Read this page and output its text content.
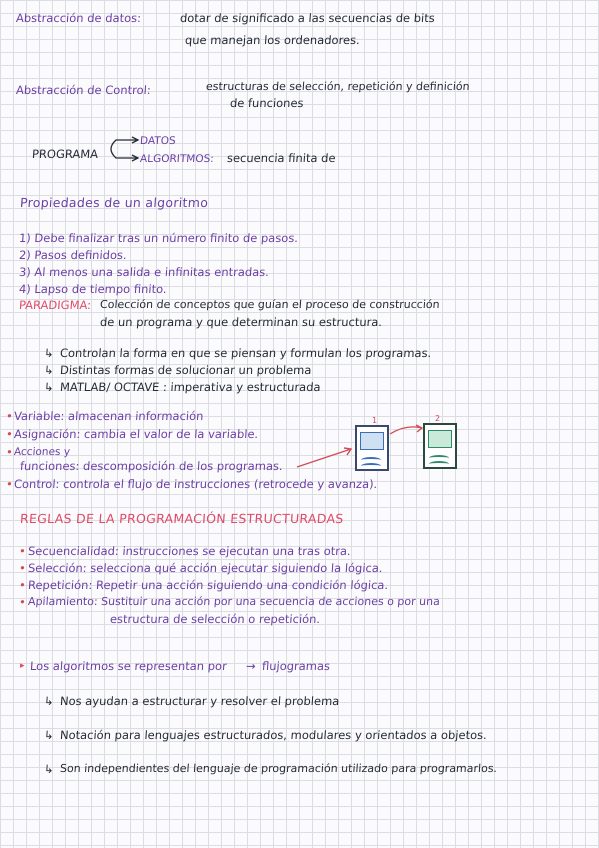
Abstracción de datos:	dotar de significado a las secuencias de bits
que manejan los ordenadores.
Abstracción de Control:	estructuras de selección, repetición y definición
de funciones
PROGRAMA
DATOS
ALGORITMOS: secuencia finita de
Propiedades de un algoritmo
1) Debe finalizar tras un número finito de pasos.
2) Pasos definidos.
3) Al menos una salida e infinitas entradas.
4) Lapso de tiempo finito.
PARADIGMA: Colección de conceptos que guían el proceso de construcción
de un programa y que determinan su estructura.
↳ Controlan la forma en que se piensan y formulan los programas.
↳ Distintas formas de solucionar un problema
↳ MATLAB/ OCTAVE : imperativa y estructurada
• Variable: almacenan información
• Asignación: cambia el valor de la variable.
• Acciones y
funciones: descomposición de los programas.
• Control: controla el flujo de instrucciones (retrocede y avanza).
1	2
REGLAS DE LA PROGRAMACIÓN ESTRUCTURADAS
• Secuencialidad: instrucciones se ejecutan una tras otra.
• Selección: selecciona qué acción ejecutar siguiendo la lógica.
• Repetición: Repetir una acción siguiendo una condición lógica.
• Apilamiento: Sustituir una acción por una secuencia de acciones o por una
estructura de selección o repetición.
▸ Los algoritmos se representan por → flujogramas
↳ Nos ayudan a estructurar y resolver el problema
↳ Notación para lenguajes estructurados, modulares y orientados a objetos.
↳ Son independientes del lenguaje de programación utilizado para programarlos.
